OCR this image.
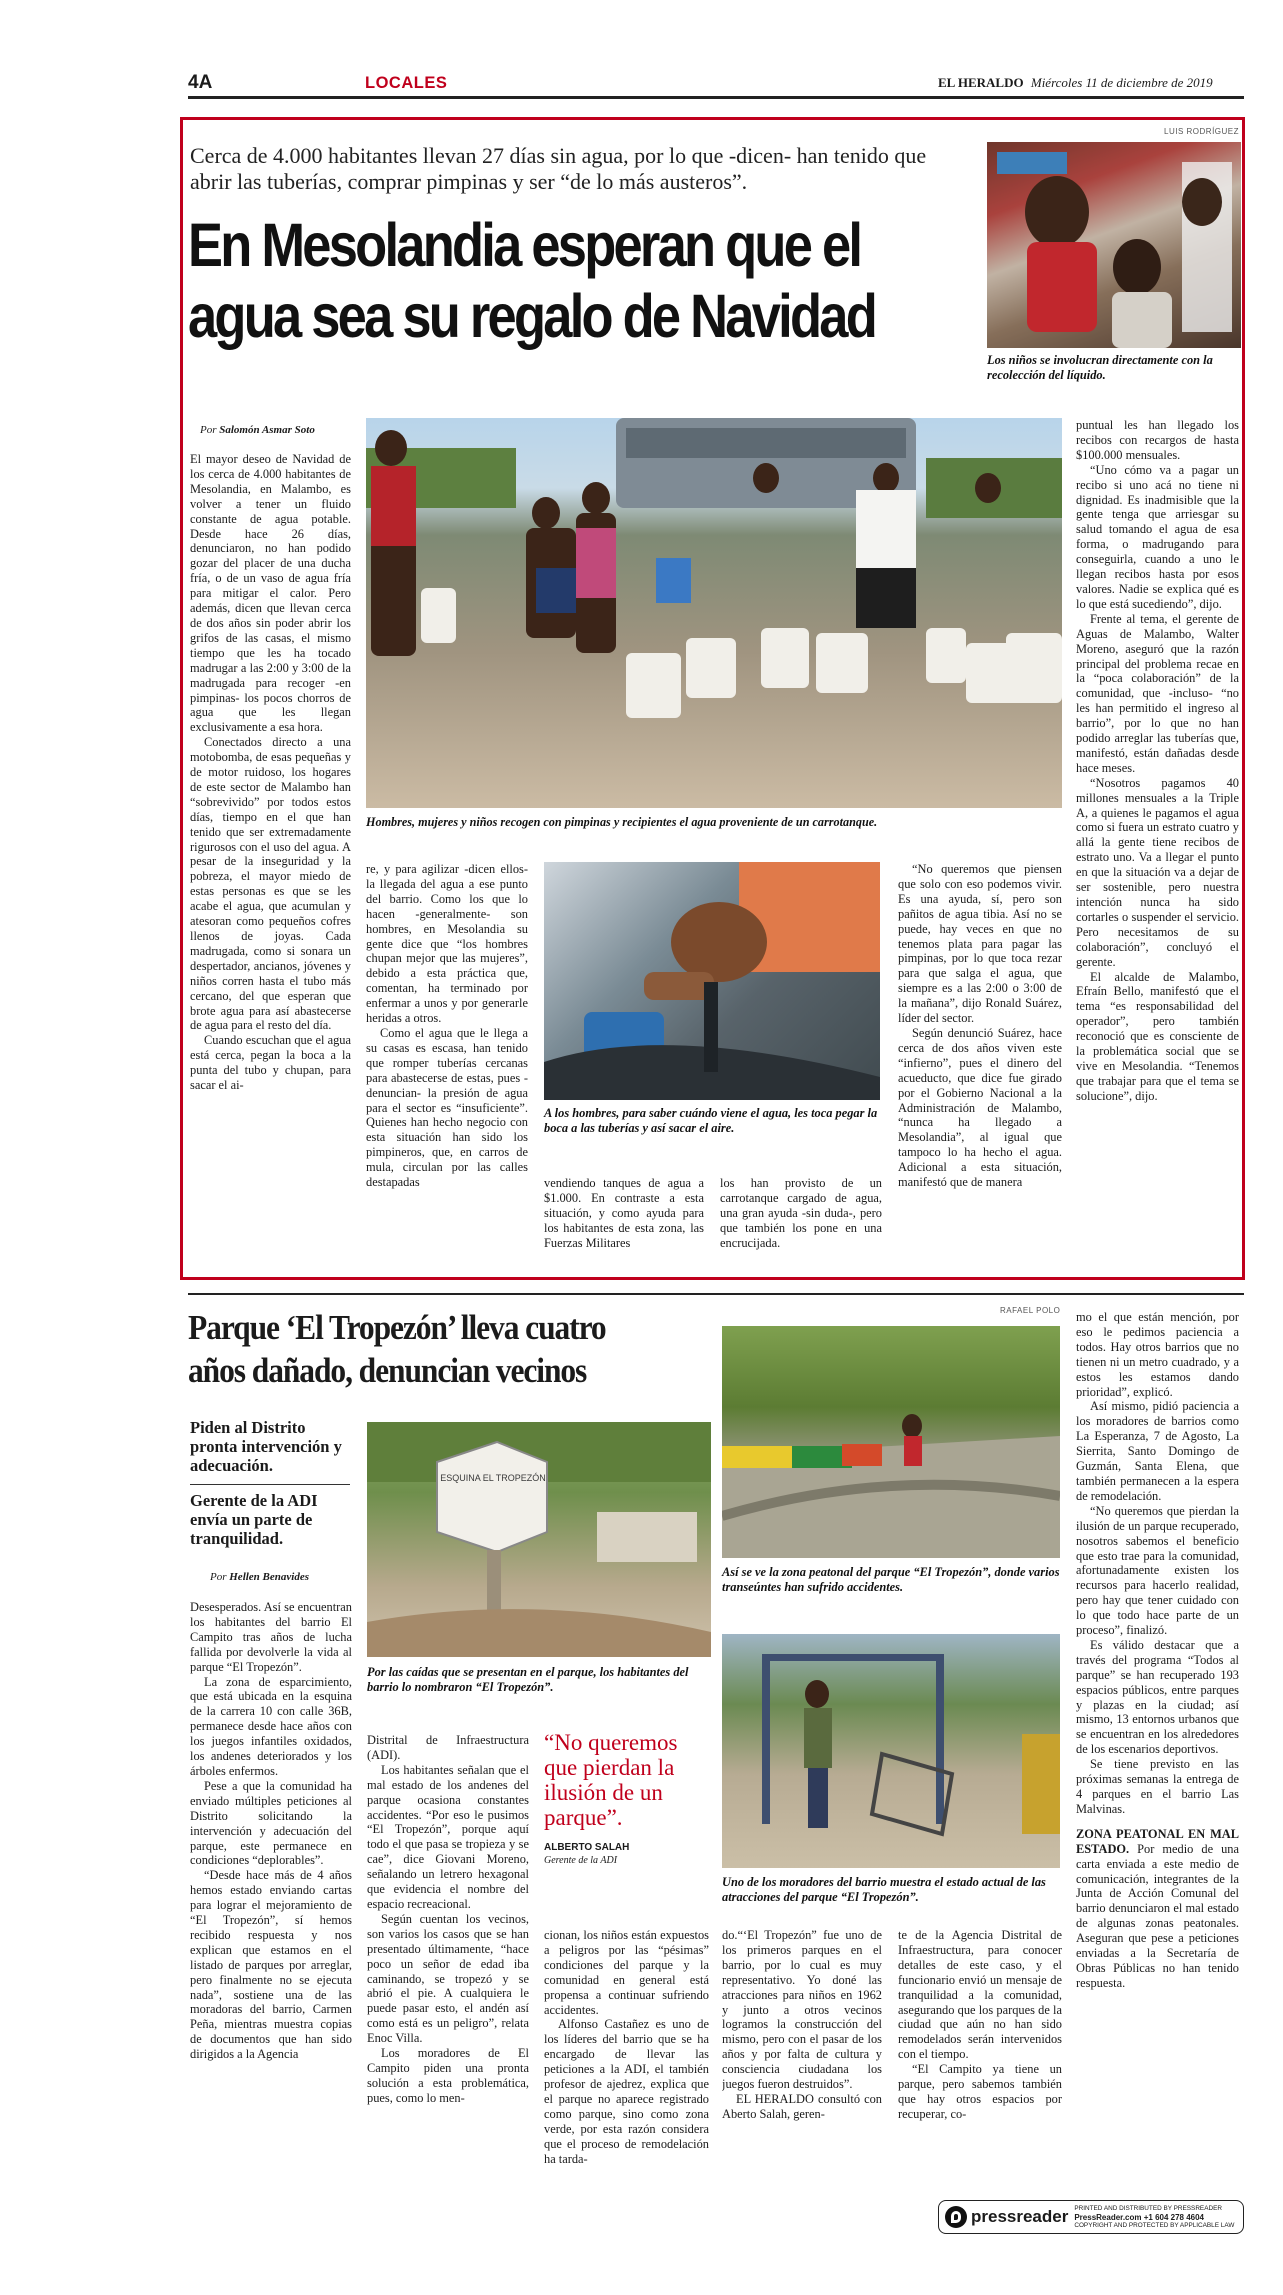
4A	LOCALES	EL HERALDO Miércoles 11 de diciembre de 2019
LUIS RODRÍGUEZ
Cerca de 4.000 habitantes llevan 27 días sin agua, por lo que -dicen- han tenido que abrir las tuberías, comprar pimpinas y ser “de lo más austeros”.
En Mesolandia esperan que el
agua sea su regalo de Navidad
Los niños se involucran directamente con la recolección del líquido.
Por Salomón Asmar Soto

El mayor deseo de Navidad de los cerca de 4.000 habitantes de Mesolandia, en Malambo, es volver a tener un fluido constante de agua potable. Desde hace 26 días, denunciaron, no han podido gozar del placer de una ducha fría, o de un vaso de agua fría para mitigar el calor. Pero además, dicen que llevan cerca de dos años sin poder abrir los grifos de las casas, el mismo tiempo que les ha tocado madrugar a las 2:00 y 3:00 de la madrugada para recoger -en pimpinas- los pocos chorros de agua que les llegan exclusivamente a esa hora.

Conectados directo a una motobomba, de esas pequeñas y de motor ruidoso, los hogares de este sector de Malambo han “sobrevivido” por todos estos días, tiempo en el que han tenido que ser extremadamente rigurosos con el uso del agua. A pesar de la inseguridad y la pobreza, el mayor miedo de estas personas es que se les acabe el agua, que acumulan y atesoran como pequeños cofres llenos de joyas. Cada madrugada, como si sonara un despertador, ancianos, jóvenes y niños corren hasta el tubo más cercano, del que esperan que brote agua para así abastecerse de agua para el resto del día.

Cuando escuchan que el agua está cerca, pegan la boca a la punta del tubo y chupan, para sacar el ai-

Hombres, mujeres y niños recogen con pimpinas y recipientes el agua proveniente de un carrotanque.
A los hombres, para saber cuándo viene el agua, les toca pegar la boca a las tuberías y así sacar el aire.

re, y para agilizar -dicen ellos- la llegada del agua a ese punto del barrio. Como los que lo hacen -generalmente- son hombres, en Mesolandia su gente dice que “los hombres chupan mejor que las mujeres”, debido a esta práctica que, comentan, ha terminado por enfermar a unos y por generarle heridas a otros.

Como el agua que le llega a su casas es escasa, han tenido que romper tuberías cercanas para abastecerse de estas, pues -denuncian- la presión de agua para el sector es “insuficiente”. Quienes han hecho negocio con esta situación han sido los pimpineros, que, en carros de mula, circulan por las calles destapadas	vendiendo tanques de agua a $1.000. En contraste a esta situación, y como ayuda para los habitantes de esta zona, las Fuerzas Militares

los han provisto de un carrotanque cargado de agua, una gran ayuda -sin duda-, pero que también los pone en una encrucijada.

“No queremos que piensen que solo con eso podemos vivir. Es una ayuda, sí, pero son pañitos de agua tibia. Así no se puede, hay veces en que no tenemos plata para pagar las pimpinas, por lo que toca rezar para que salga el agua, que siempre es a las 2:00 o 3:00 de la mañana”, dijo Ronald Suárez, líder del sector.

Según denunció Suárez, hace cerca de dos años viven este “infierno”, pues el dinero del acueducto, que dice fue girado por el Gobierno Nacional a la Administración de Malambo, “nunca ha llegado a Mesolandia”, al igual que tampoco lo ha hecho el agua. Adicional a esta situación, manifestó que de manera

puntual les han llegado los recibos con recargos de hasta $100.000 mensuales.

“Uno cómo va a pagar un recibo si uno acá no tiene ni dignidad. Es inadmisible que la gente tenga que arriesgar su salud tomando el agua de esa forma, o madrugando para conseguirla, cuando a uno le llegan recibos hasta por esos valores. Nadie se explica qué es lo que está sucediendo”, dijo.

Frente al tema, el gerente de Aguas de Malambo, Walter Moreno, aseguró que la razón principal del problema recae en la “poca colaboración” de la comunidad, que -incluso- “no les han permitido el ingreso al barrio”, por lo que no han podido arreglar las tuberías que, manifestó, están dañadas desde hace meses.

“Nosotros pagamos 40 millones mensuales a la Triple A, a quienes le pagamos el agua como si fuera un estrato cuatro y allá la gente tiene recibos de estrato uno. Va a llegar el punto en que la situación va a dejar de ser sostenible, pero nuestra intención nunca ha sido cortarles o suspender el servicio. Pero necesitamos de su colaboración”, concluyó el gerente.

El alcalde de Malambo, Efraín Bello, manifestó que el tema “es responsabilidad del operador”, pero también reconoció que es consciente de la problemática social que se vive en Mesolandia. “Tenemos que trabajar para que el tema se solucione”, dijo.

RAFAEL POLO
Parque ‘El Tropezón’ lleva cuatro
años dañado, denuncian vecinos
Piden al Distrito pronta intervención y adecuación.
Gerente de la ADI envía un parte de tranquilidad.
Por Hellen Benavides
ESQUINA EL TROPEZÓN
Por las caídas que se presentan en el parque, los habitantes del barrio lo nombraron “El Tropezón”.
Así se ve la zona peatonal del parque “El Tropezón”, donde varios transeúntes han sufrido accidentes.
Uno de los moradores del barrio muestra el estado actual de las atracciones del parque “El Tropezón”.
“No queremos que pierdan la ilusión de un parque”.
ALBERTO SALAH
Gerente de la ADI

Desesperados. Así se encuentran los habitantes del barrio El Campito tras años de lucha fallida por devolverle la vida al parque “El Tropezón”.

La zona de esparcimiento, que está ubicada en la esquina de la carrera 10 con calle 36B, permanece desde hace años con los juegos infantiles oxidados, los andenes deteriorados y los árboles enfermos.

Pese a que la comunidad ha enviado múltiples peticiones al Distrito solicitando la intervención y adecuación del parque, este permanece en condiciones “deplorables”.

“Desde hace más de 4 años hemos estado enviando cartas para lograr el mejoramiento de “El Tropezón”, sí hemos recibido respuesta y nos explican que estamos en el listado de parques por arreglar, pero finalmente no se ejecuta nada”, sostiene una de las moradoras del barrio, Carmen Peña, mientras muestra copias de documentos que han sido dirigidos a la Agencia

Distrital de Infraestructura (ADI).

Los habitantes señalan que el mal estado de los andenes del parque ocasiona constantes accidentes. “Por eso le pusimos “El Tropezón”, porque aquí todo el que pasa se tropieza y se cae”, dice Giovani Moreno, señalando un letrero hexagonal que evidencia el nombre del espacio recreacional.

Según cuentan los vecinos, son varios los casos que se han presentado últimamente, “hace poco un señor de edad iba caminando, se tropezó y se abrió el pie. A cualquiera le puede pasar esto, el andén así como está es un peligro”, relata Enoc Villa.

Los moradores de El Campito piden una pronta solución a esta problemática, pues, como lo men-

cionan, los niños están expuestos a peligros por las “pésimas” condiciones del parque y la comunidad en general está propensa a continuar sufriendo accidentes.

Alfonso Castañez es uno de los líderes del barrio que se ha encargado de llevar las peticiones a la ADI, el también profesor de ajedrez, explica que el parque no aparece registrado como parque, sino como zona verde, por esta razón considera que el proceso de remodelación ha tarda-

do.“‘El Tropezón” fue uno de los primeros parques en el barrio, por lo cual es muy representativo. Yo doné las atracciones para niños en 1962 y junto a otros vecinos logramos la construcción del mismo, pero con el pasar de los años y por falta de cultura y consciencia ciudadana los juegos fueron destruidos”.

EL HERALDO consultó con Aberto Salah, geren-

te de la Agencia Distrital de Infraestructura, para conocer detalles de este caso, y el funcionario envió un mensaje de tranquilidad a la comunidad, asegurando que los parques de la ciudad que aún no han sido remodelados serán intervenidos con el tiempo.

“El Campito ya tiene un parque, pero sabemos también que hay otros espacios por recuperar, co-

mo el que están mención, por eso le pedimos paciencia a todos. Hay otros barrios que no tienen ni un metro cuadrado, y a estos les estamos dando prioridad”, explicó.

Así mismo, pidió paciencia a los moradores de barrios como La Esperanza, 7 de Agosto, La Sierrita, Santo Domingo de Guzmán, Santa Elena, que también permanecen a la espera de remodelación.

“No queremos que pierdan la ilusión de un parque recuperado, nosotros sabemos el beneficio que esto trae para la comunidad, afortunadamente existen los recursos para hacerlo realidad, pero hay que tener cuidado con lo que todo hace parte de un proceso”, finalizó.

Es válido destacar que a través del programa “Todos al parque” se han recuperado 193 espacios públicos, entre parques y plazas en la ciudad; así mismo, 13 entornos urbanos que se encuentran en los alrededores de los escenarios deportivos.

Se tiene previsto en las próximas semanas la entrega de 4 parques en el barrio Las Malvinas.

ZONA PEATONAL EN MAL ESTADO. Por medio de una carta enviada a este medio de comunicación, integrantes de la Junta de Acción Comunal del barrio denunciaron el mal estado de algunas zonas peatonales. Aseguran que pese a peticiones enviadas a la Secretaría de Obras Públicas no han tenido respuesta.

pressreader PRINTED AND DISTRIBUTED BY PRESSREADER
PressReader.com +1 604 278 4604
COPYRIGHT AND PROTECTED BY APPLICABLE LAW
